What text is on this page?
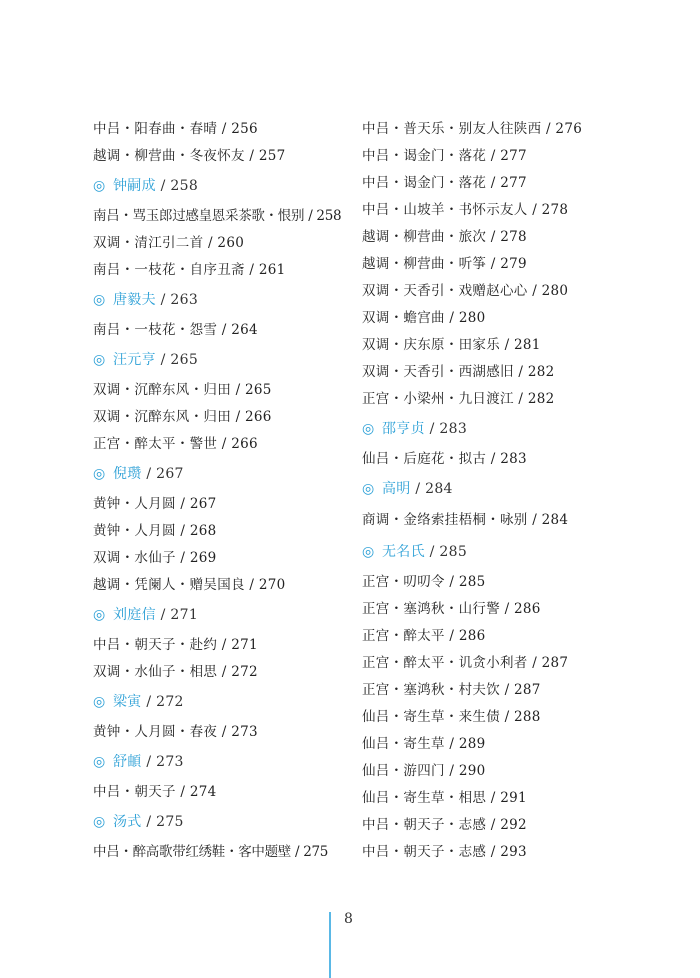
中吕・阳春曲・春晴 / 256
越调・柳营曲・冬夜怀友 / 257
◎ 钟嗣成 / 258
南吕・骂玉郎过感皇恩采茶歌・恨别 / 258
双调・清江引二首 / 260
南吕・一枝花・自序丑斋 / 261
◎ 唐毅夫 / 263
南吕・一枝花・怨雪 / 264
◎ 汪元亨 / 265
双调・沉醉东风・归田 / 265
双调・沉醉东风・归田 / 266
正宫・醉太平・警世 / 266
◎ 倪瓒 / 267
黄钟・人月圆 / 267
黄钟・人月圆 / 268
双调・水仙子 / 269
越调・凭阑人・赠吴国良 / 270
◎ 刘庭信 / 271
中吕・朝天子・赴约 / 271
双调・水仙子・相思 / 272
◎ 梁寅 / 272
黄钟・人月圆・春夜 / 273
◎ 舒頔 / 273
中吕・朝天子 / 274
◎ 汤式 / 275
中吕・醉高歌带红绣鞋・客中题壁 / 275
中吕・普天乐・别友人往陕西 / 276
中吕・谒金门・落花 / 277
中吕・谒金门・落花 / 277
中吕・山坡羊・书怀示友人 / 278
越调・柳营曲・旅次 / 278
越调・柳营曲・听筝 / 279
双调・天香引・戏赠赵心心 / 280
双调・蟾宫曲 / 280
双调・庆东原・田家乐 / 281
双调・天香引・西湖感旧 / 282
正宫・小梁州・九日渡江 / 282
◎ 邵亨贞 / 283
仙吕・后庭花・拟古 / 283
◎ 高明 / 284
商调・金络索挂梧桐・咏别 / 284
◎ 无名氏 / 285
正宫・叨叨令 / 285
正宫・塞鸿秋・山行警 / 286
正宫・醉太平 / 286
正宫・醉太平・讥贪小利者 / 287
正宫・塞鸿秋・村夫饮 / 287
仙吕・寄生草・来生债 / 288
仙吕・寄生草 / 289
仙吕・游四门 / 290
仙吕・寄生草・相思 / 291
中吕・朝天子・志感 / 292
中吕・朝天子・志感 / 293
8
